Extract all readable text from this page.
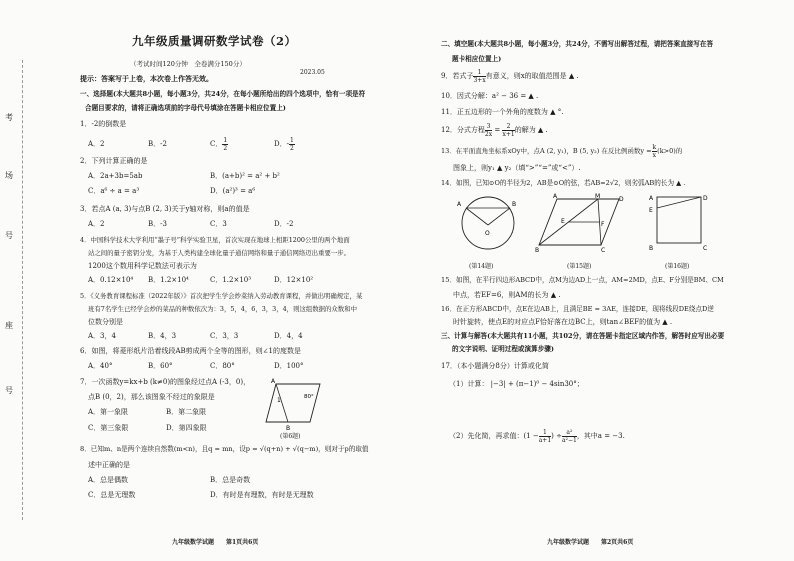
考
场
号
座
号
九年级质量调研数学试卷（2）
（考试时间120分钟　全卷满分150分）
2023.05
提示：答案写于上卷，本次卷上作答无效。
一、选择题(本大题共8小题，每小题3分，共24分，在每小题所给出的四个选项中，恰有一项是符
合题目要求的，请将正确选项前的字母代号填涂在答题卡相应位置上)
1．-2的倒数是
A．2	B．-2	C． $\frac{1}{2}$	D．- $\frac{1}{2}$
2．下列计算正确的是
A．2a+3b=5ab	B．(a+b)² = a² + b²
C．a⁶ ÷ a = a³	D．(a²)³ = a⁶
3．若点A (a, 3)与点B (2, 3)关于y轴对称，则a的值是
A．2	B．-3	C．3	D．-2
4．中国科学技术大学利用“墨子号”科学实验卫星，首次实现在地球上相距1200公里的两个地面
站之间的量子密钥分发，为基于人类构建全球化量子通信网络和量子通信网络迈出重要一步。
1200这个数用科学记数法可表示为
A．0.12×10⁴ B．1.2×10⁴	C．1.2×10³	D．12×10²
5．《义务教育课程标准（2022年版）》首次把学生学会炒菜纳入劳动教育课程，并做出明确规定，某
班有7名学生已经学会炒的菜品的种数依次为：3，5，4，6，3，3，4，则这组数据的众数和中
位数分别是
A．3，4	B．4，3	C．3，3	D．4，4
6．如图，将菱形纸片沿着线段AB剪成两个全等的图形，则∠1的度数是
A．40°	B．60°	C．80°	D．100°
7．一次函数y=kx+b (k≠0)的图象经过点A (-3，0)，
点B (0，2)，那么该图象不经过的象限是
A．第一象限	B．第二象限
C．第三象限	D．第四象限
A
B
1	80°
(第6题)
8．已知m、n是两个连续自然数(m<n)，且q = mn，设p = √(q+n) + √(q−m)，则对于p的取值
述中正确的是
A．总是偶数	B．总是奇数
C．总是无理数	D．有时是有理数，有时是无理数
九年级数学试题　　第1页共6页
二、填空题(本大题共8小题，每小题3分，共24分，不需写出解答过程，请把答案直接写在答
题卡相应位置上)
9．若式子 $\frac{1}{3+x}$ 有意义，则x的取值范围是 ▲ .
10．因式分解：a² − 36 = ▲ .
11．正五边形的一个外角的度数为 ▲ °.
12．分式方程 $\frac{3}{2x} = \frac{2}{x+1}$ 的解为 ▲ .
13．在平面直角坐标系xOy中，点A (2, y₁)，B (5, y₂) 在反比例函数$y = \frac{k}{x} (k>0)$的
图象上，则y₁ ▲ y₂（填“>”“=”或“<”）.
14．如图，已知⊙O的半径为2，AB是⊙O的弦，若AB=2√2，则劣弧AB的长为 ▲ .
A	B
O
(第14题)
A	M	D
E	F
B	C
(第15题)
A	D
E
B	C
(第16题)
15．如图，在平行四边形ABCD中，点M为边AD上一点，AM=2MD，点E、F分别是BM、CM
中点，若EF=6，则AM的长为 ▲ .
16．在正方形ABCD中，点E在边AB上，且满足BE = 3AE，连接DE，现将线段DE绕点D逆
时针旋转，使点E的对应点F恰好落在边BC上，则tan∠BEF的值为 ▲ .
三、计算与解答(本大题共有11小题，共102分，请在答题卡指定区域内作答，解答时应写出必要
的文字说明、证明过程或演算步骤)
17．（本小题满分8分）计算或化简
（1）计算： |−3| + (π−1)⁰ − 4sin30°；
（2）先化简，再求值：($1 - \frac{1}{a+1}$ ) ÷ $\frac{\text{a²}}{\text{a²−1}}$ ，其中a = −3.
九年级数学试题　　第2页共6页
